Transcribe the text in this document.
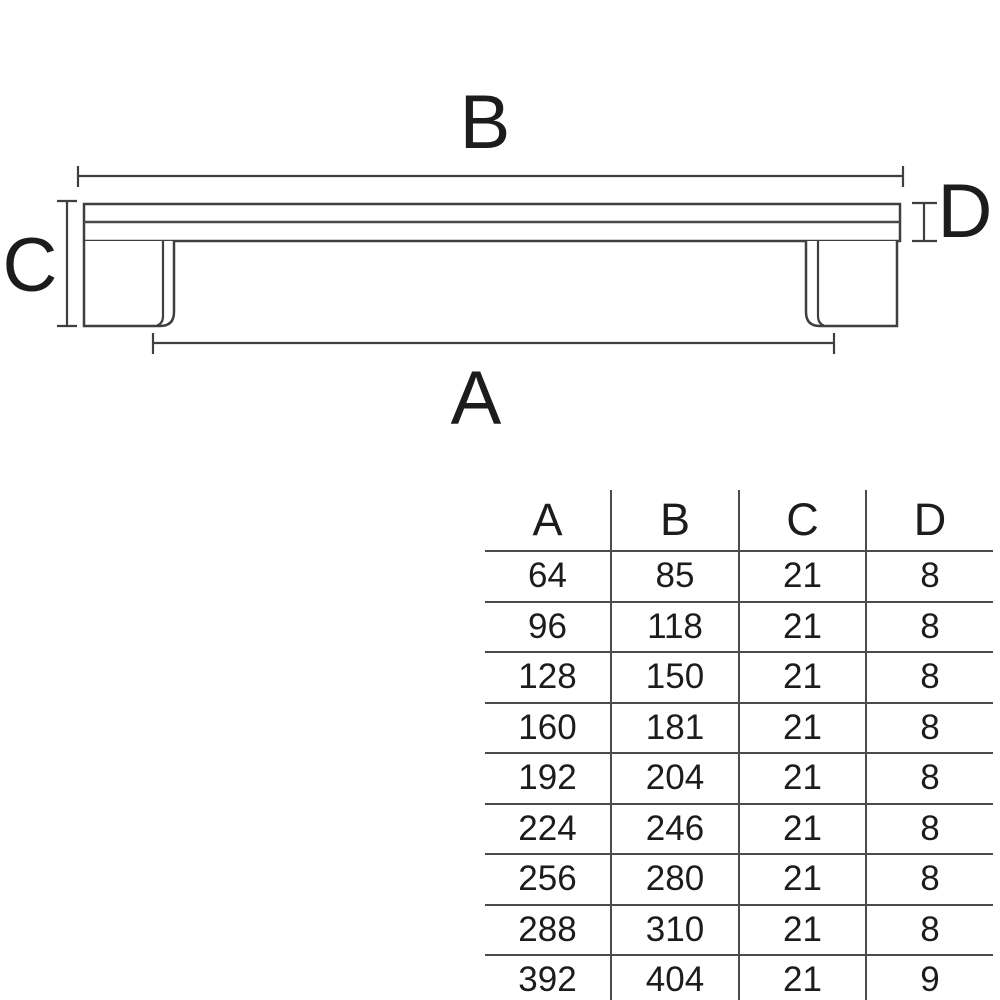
B
C
A
D
A	B	C	D
64	85	21	8
96	118	21	8
128	150	21	8
160	181	21	8
192	204	21	8
224	246	21	8
256	280	21	8
288	310	21	8
392	404	21	9
